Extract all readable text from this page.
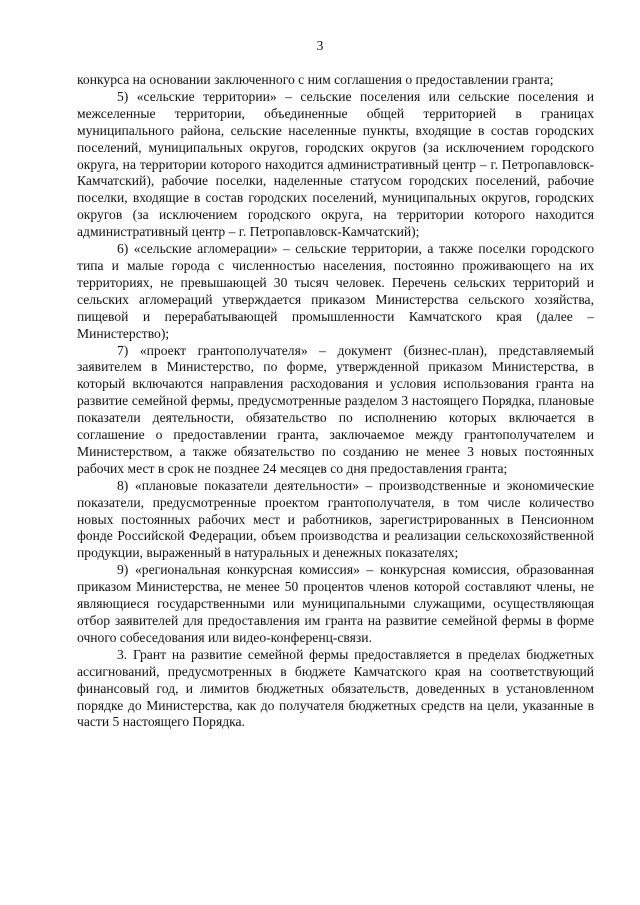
3

конкурса на основании заключенного с ним соглашения о предоставлении гранта;

5) «сельские территории» – сельские поселения или сельские поселения и межселенные территории, объединенные общей территорией в границах муниципального района, сельские населенные пункты, входящие в состав городских поселений, муниципальных округов, городских округов (за исключением городского округа, на территории которого находится административный центр – г. Петропавловск-Камчатский), рабочие поселки, наделенные статусом городских поселений, рабочие поселки, входящие в состав городских поселений, муниципальных округов, городских округов (за исключением городского округа, на территории которого находится административный центр – г. Петропавловск-Камчатский);

6) «сельские агломерации» – сельские территории, а также поселки городского типа и малые города с численностью населения, постоянно проживающего на их территориях, не превышающей 30 тысяч человек. Перечень сельских территорий и сельских агломераций утверждается приказом Министерства сельского хозяйства, пищевой и перерабатывающей промышленности Камчатского края (далее – Министерство);

7) «проект грантополучателя» – документ (бизнес-план), представляемый заявителем в Министерство, по форме, утвержденной приказом Министерства, в который включаются направления расходования и условия использования гранта на развитие семейной фермы, предусмотренные разделом 3 настоящего Порядка, плановые показатели деятельности, обязательство по исполнению которых включается в соглашение о предоставлении гранта, заключаемое между грантополучателем и Министерством, а также обязательство по созданию не менее 3 новых постоянных рабочих мест в срок не позднее 24 месяцев со дня предоставления гранта;

8) «плановые показатели деятельности» – производственные и экономические показатели, предусмотренные проектом грантополучателя, в том числе количество новых постоянных рабочих мест и работников, зарегистрированных в Пенсионном фонде Российской Федерации, объем производства и реализации сельскохозяйственной продукции, выраженный в натуральных и денежных показателях;

9) «региональная конкурсная комиссия» – конкурсная комиссия, образованная приказом Министерства, не менее 50 процентов членов которой составляют члены, не являющиеся государственными или муниципальными служащими, осуществляющая отбор заявителей для предоставления им гранта на развитие семейной фермы в форме очного собеседования или видео-конференц-связи.

3. Грант на развитие семейной фермы предоставляется в пределах бюджетных ассигнований, предусмотренных в бюджете Камчатского края на соответствующий финансовый год, и лимитов бюджетных обязательств, доведенных в установленном порядке до Министерства, как до получателя бюджетных средств на цели, указанные в части 5 настоящего Порядка.
